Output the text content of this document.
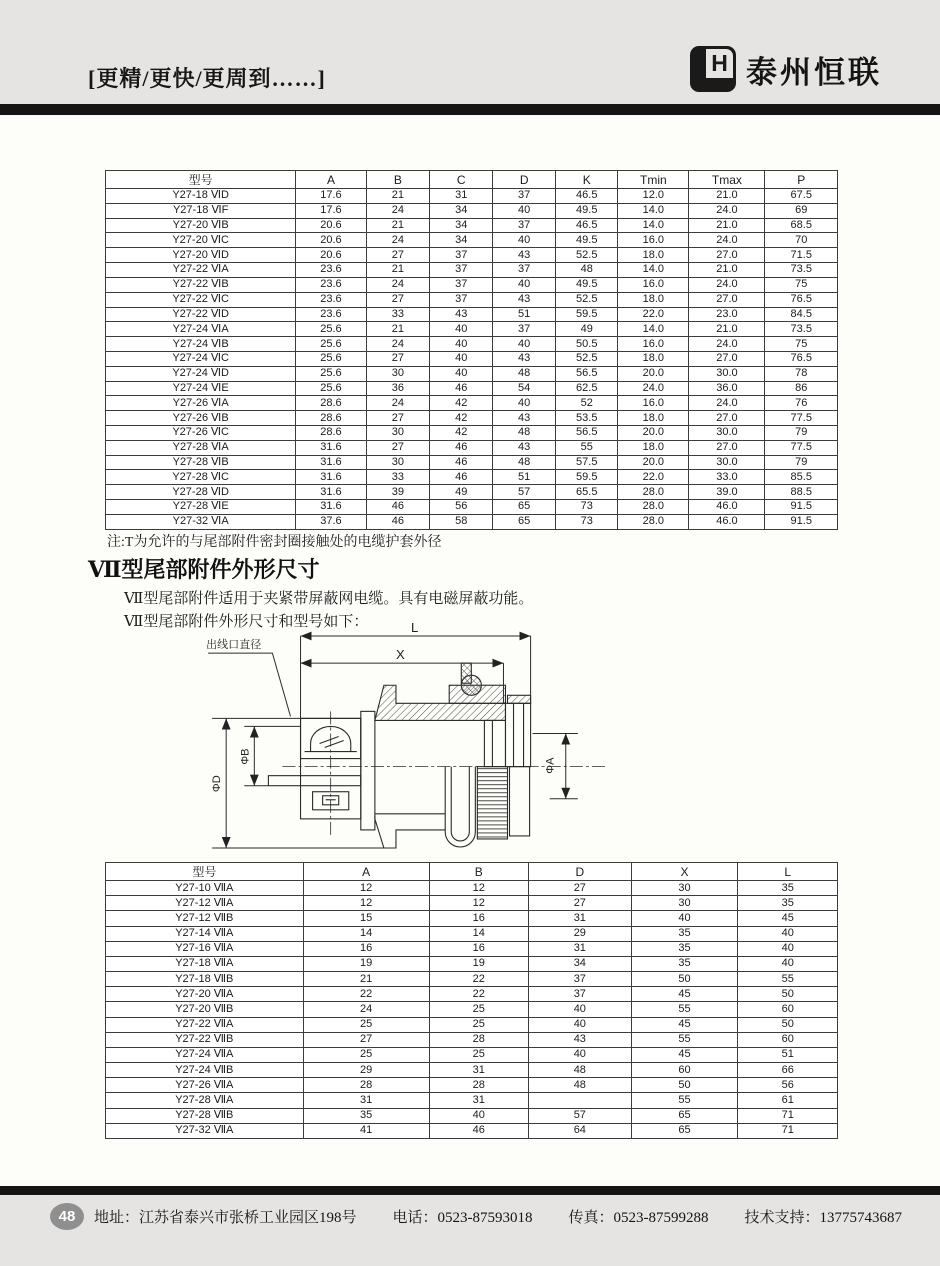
[更精/更快/更周到……]
H 泰州恒联
型号	A	B	C	D	K	Tmin	Tmax	P
Y27-18 ⅥD	17.6	21	31	37	46.5	12.0	21.0	67.5
Y27-18 ⅥF	17.6	24	34	40	49.5	14.0	24.0	69
Y27-20 ⅥB	20.6	21	34	37	46.5	14.0	21.0	68.5
Y27-20 ⅥC	20.6	24	34	40	49.5	16.0	24.0	70
Y27-20 ⅥD	20.6	27	37	43	52.5	18.0	27.0	71.5
Y27-22 ⅥA	23.6	21	37	37	48	14.0	21.0	73.5
Y27-22 ⅥB	23.6	24	37	40	49.5	16.0	24.0	75
Y27-22 ⅥC	23.6	27	37	43	52.5	18.0	27.0	76.5
Y27-22 ⅥD	23.6	33	43	51	59.5	22.0	23.0	84.5
Y27-24 ⅥA	25.6	21	40	37	49	14.0	21.0	73.5
Y27-24 ⅥB	25.6	24	40	40	50.5	16.0	24.0	75
Y27-24 ⅥC	25.6	27	40	43	52.5	18.0	27.0	76.5
Y27-24 ⅥD	25.6	30	40	48	56.5	20.0	30.0	78
Y27-24 ⅥE	25.6	36	46	54	62.5	24.0	36.0	86
Y27-26 ⅥA	28.6	24	42	40	52	16.0	24.0	76
Y27-26 ⅥB	28.6	27	42	43	53.5	18.0	27.0	77.5
Y27-26 ⅥC	28.6	30	42	48	56.5	20.0	30.0	79
Y27-28 ⅥA	31.6	27	46	43	55	18.0	27.0	77.5
Y27-28 ⅥB	31.6	30	46	48	57.5	20.0	30.0	79
Y27-28 ⅥC	31.6	33	46	51	59.5	22.0	33.0	85.5
Y27-28 ⅥD	31.6	39	49	57	65.5	28.0	39.0	88.5
Y27-28 ⅥE	31.6	46	56	65	73	28.0	46.0	91.5
Y27-32 ⅥA	37.6	46	58	65	73	28.0	46.0	91.5
注:T为允许的与尾部附件密封圈接触处的电缆护套外径
Ⅶ型尾部附件外形尺寸
Ⅶ型尾部附件适用于夹紧带屏蔽网电缆。具有电磁屏蔽功能。
Ⅶ型尾部附件外形尺寸和型号如下：	L
X
出线口直径
ΦD
ΦB
ΦA
型号	A	B	D	X	L
Y27-10 ⅦA	12	12	27	30	35
Y27-12 ⅦA	12	12	27	30	35
Y27-12 ⅦB	15	16	31	40	45
Y27-14 ⅦA	14	14	29	35	40
Y27-16 ⅦA	16	16	31	35	40
Y27-18 ⅦA	19	19	34	35	40
Y27-18 ⅦB	21	22	37	50	55
Y27-20 ⅦA	22	22	37	45	50
Y27-20 ⅦB	24	25	40	55	60
Y27-22 ⅦA	25	25	40	45	50
Y27-22 ⅦB	27	28	43	55	60
Y27-24 ⅦA	25	25	40	45	51
Y27-24 ⅦB	29	31	48	60	66
Y27-26 ⅦA	28	28	48	50	56
Y27-28 ⅦA	31	31		55	61
Y27-28 ⅦB	35	40	57	65	71
Y27-32 ⅦA	41	46	64	65	71
48	地址：江苏省泰兴市张桥工业园区198号 电话：0523-87593018 传真：0523-87599288 技术支持：13775743687
